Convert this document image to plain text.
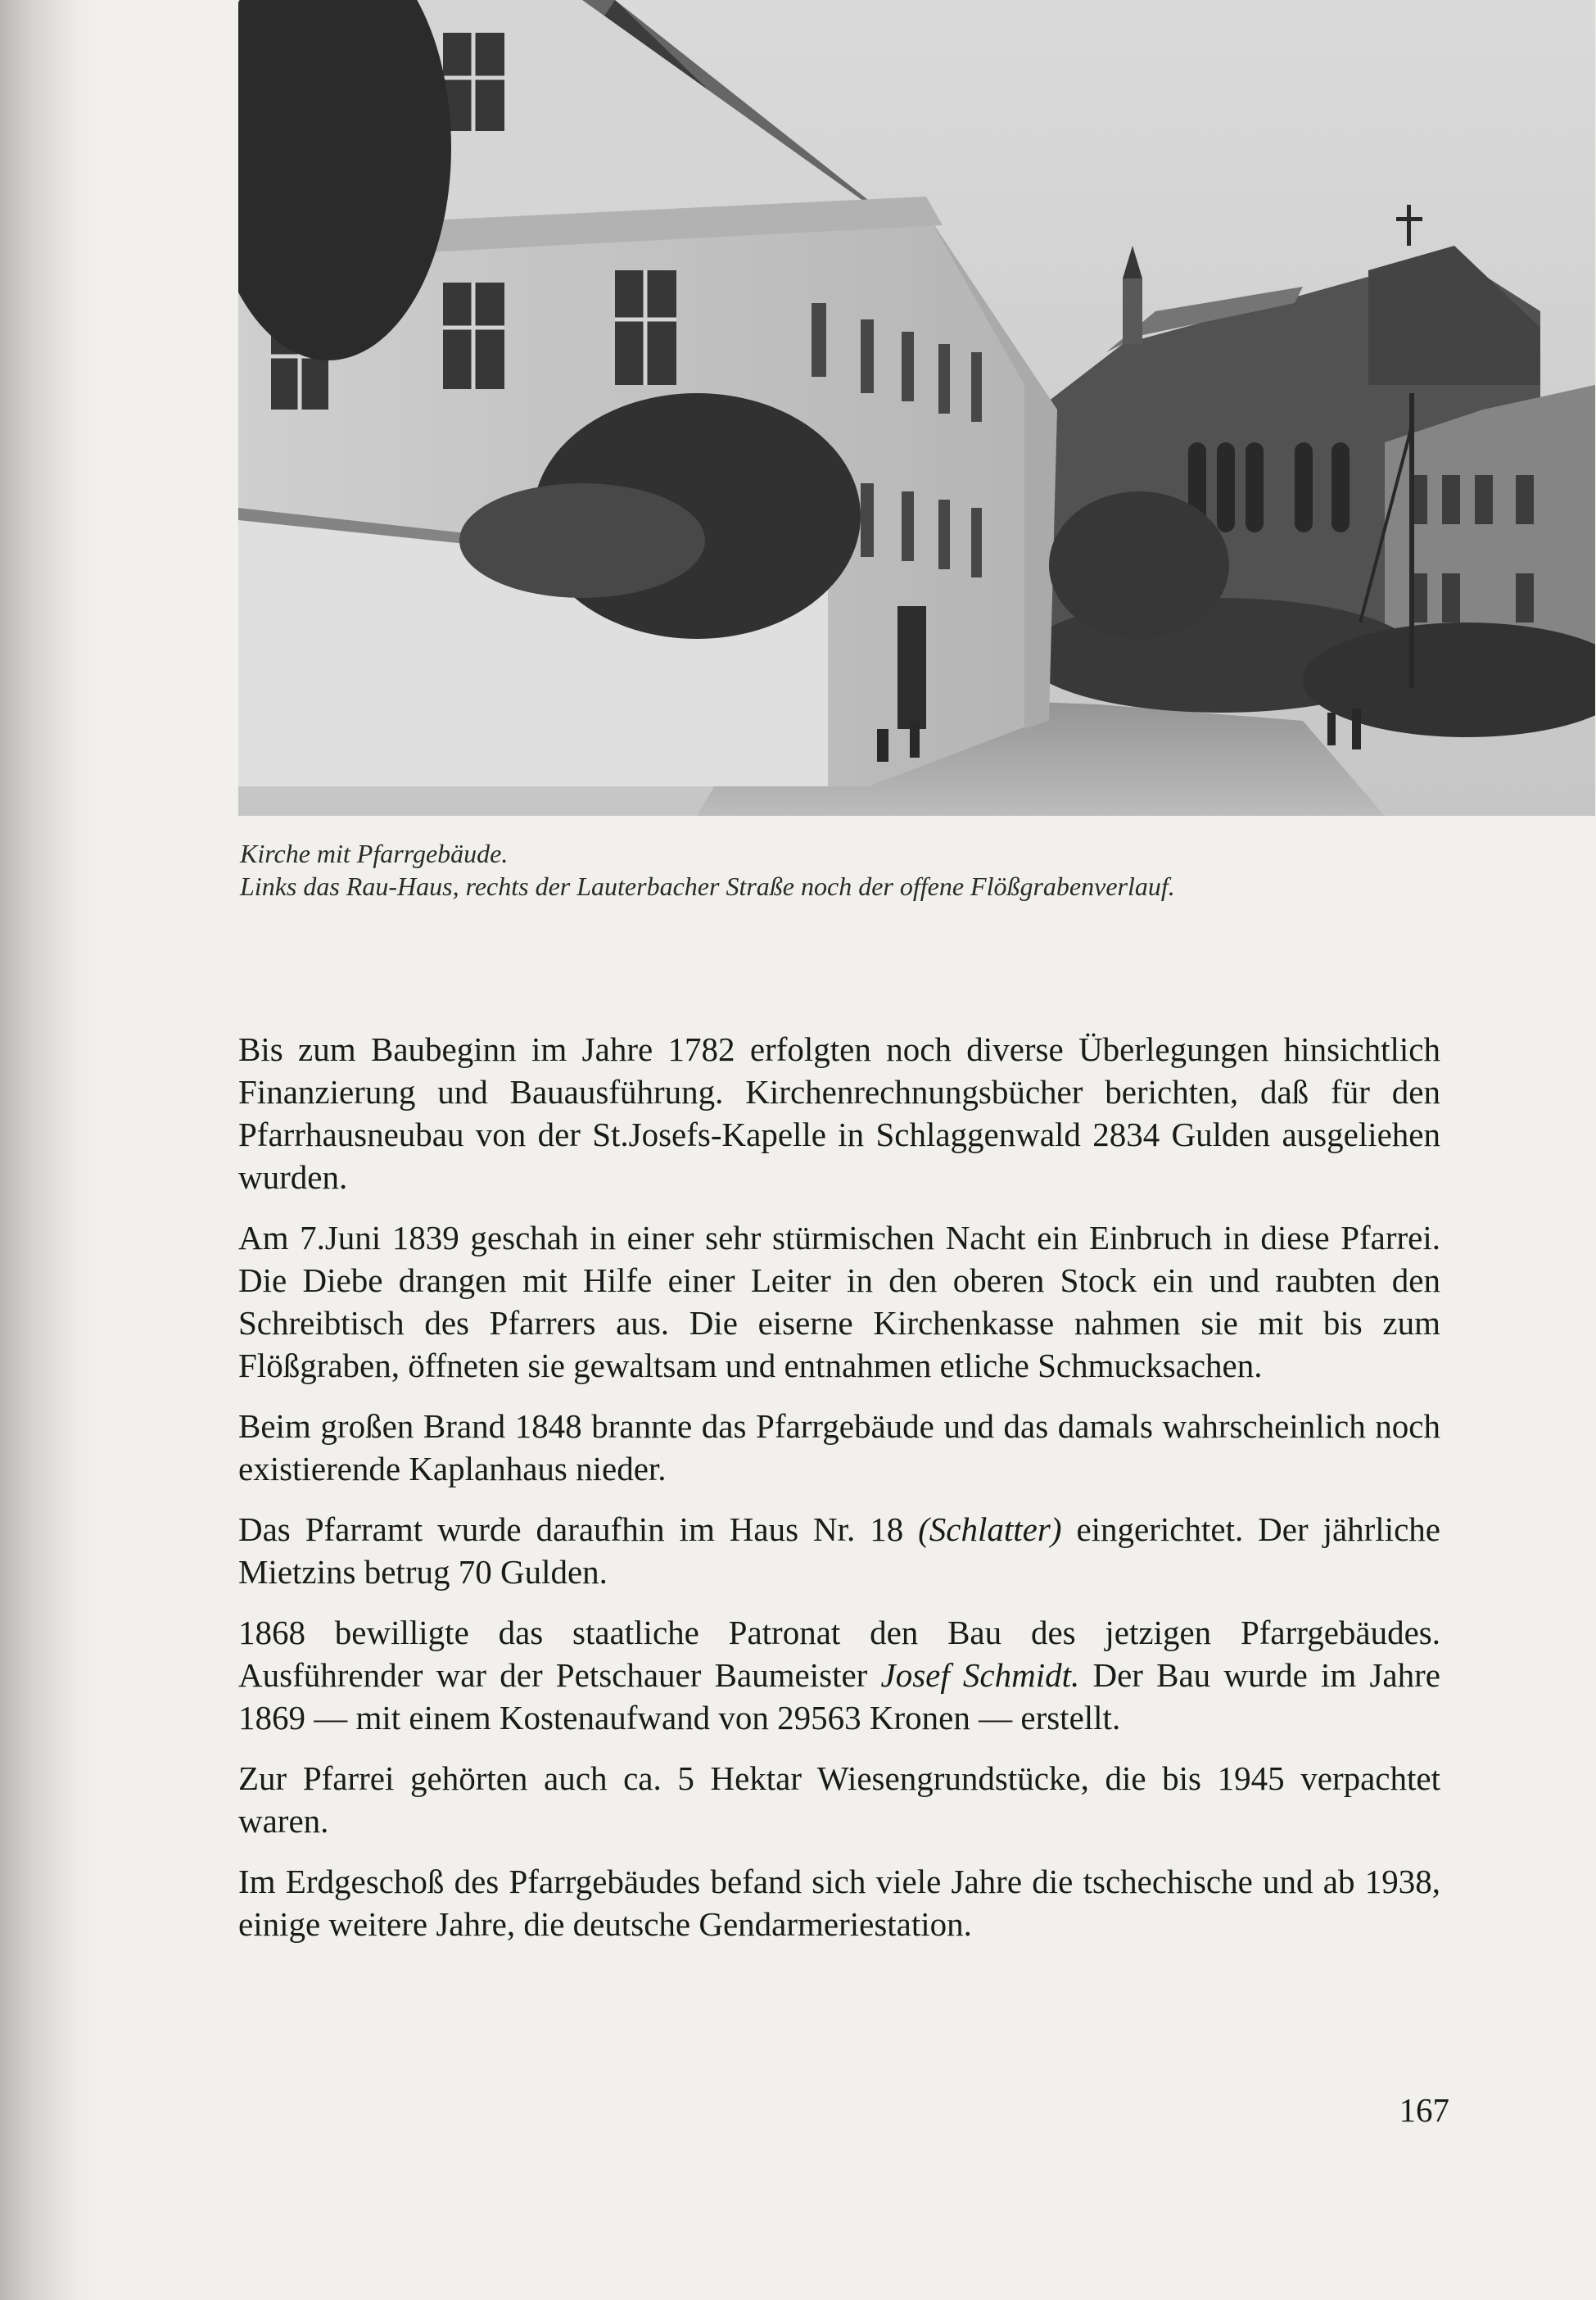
Kirche mit Pfarrgebäude.
Links das Rau-Haus, rechts der Lauterbacher Straße noch der offene Flößgrabenverlauf.

Bis zum Baubeginn im Jahre 1782 erfolgten noch diverse Überlegungen hinsichtlich Finanzierung und Bauausführung. Kirchenrechnungsbücher berichten, daß für den Pfarrhausneubau von der St.Josefs-Kapelle in Schlaggenwald 2834 Gulden ausgeliehen wurden.

Am 7.Juni 1839 geschah in einer sehr stürmischen Nacht ein Einbruch in diese Pfarrei. Die Diebe drangen mit Hilfe einer Leiter in den oberen Stock ein und raubten den Schreibtisch des Pfarrers aus. Die eiserne Kirchenkasse nahmen sie mit bis zum Flößgraben, öffneten sie gewaltsam und entnahmen etliche Schmucksachen.

Beim großen Brand 1848 brannte das Pfarrgebäude und das damals wahrscheinlich noch existierende Kaplanhaus nieder.

Das Pfarramt wurde daraufhin im Haus Nr. 18 (Schlatter) eingerichtet. Der jährliche Mietzins betrug 70 Gulden.

1868 bewilligte das staatliche Patronat den Bau des jetzigen Pfarrgebäudes. Ausführender war der Petschauer Baumeister Josef Schmidt. Der Bau wurde im Jahre 1869 — mit einem Kostenaufwand von 29563 Kronen — erstellt.

Zur Pfarrei gehörten auch ca. 5 Hektar Wiesengrundstücke, die bis 1945 verpachtet waren.

Im Erdgeschoß des Pfarrgebäudes befand sich viele Jahre die tschechische und ab 1938, einige weitere Jahre, die deutsche Gendarmeriestation.

167
